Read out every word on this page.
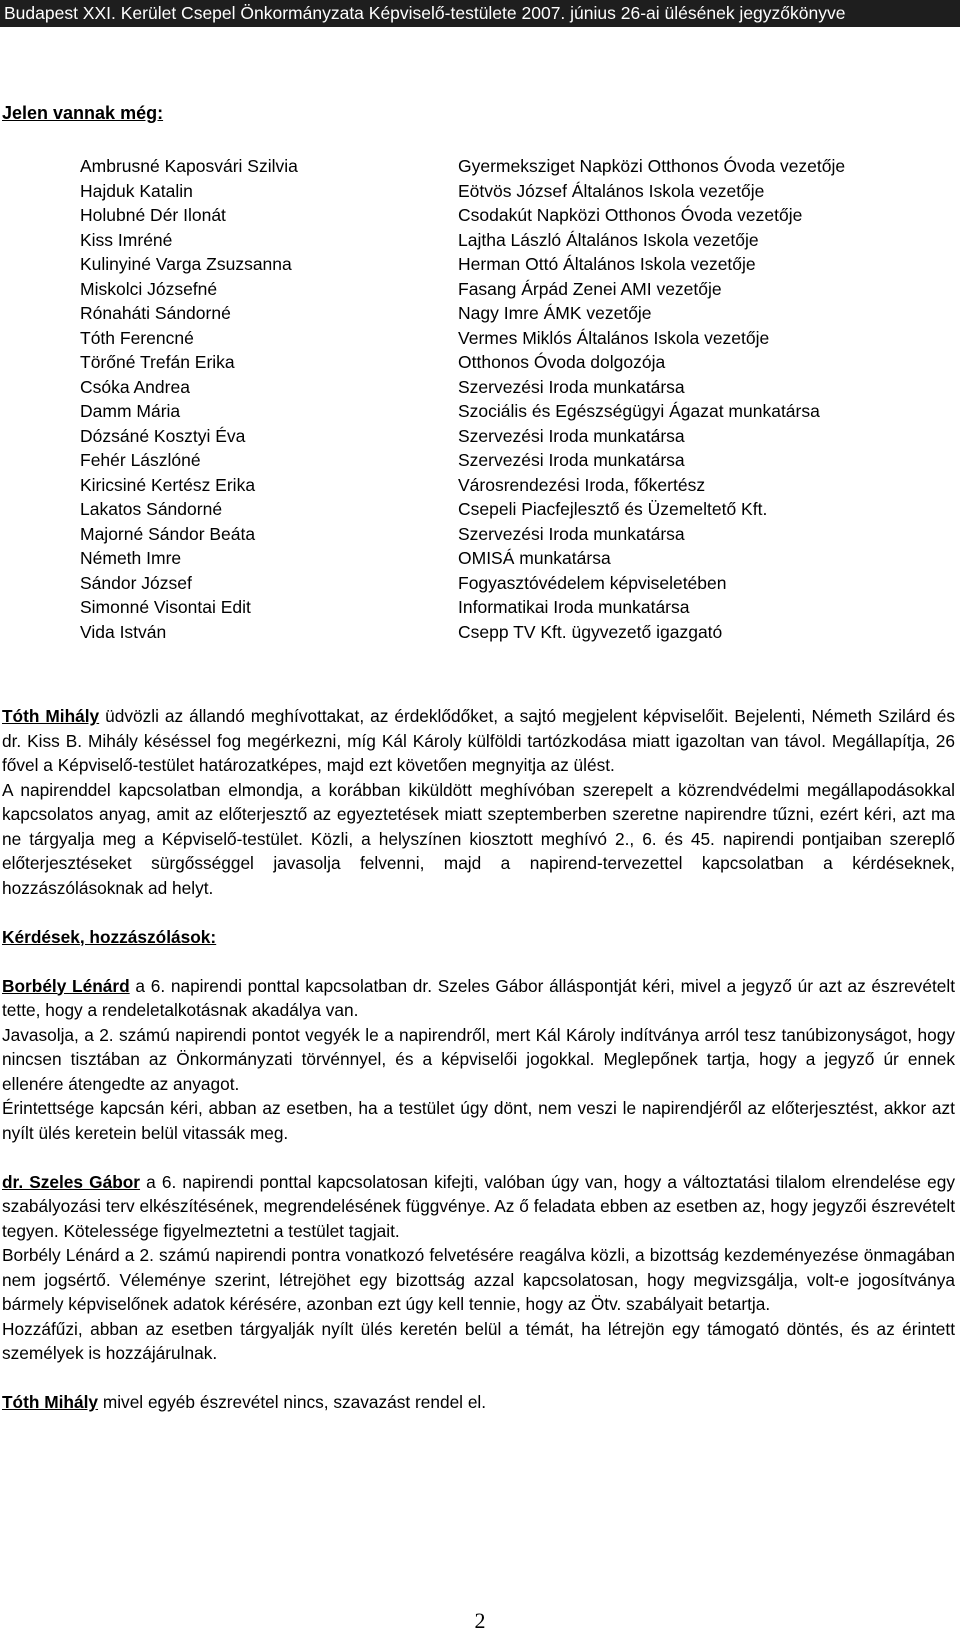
Budapest XXI. Kerület Csepel Önkormányzata Képviselő-testülete 2007. június 26-ai ülésének jegyzőkönyve
Jelen vannak még:
Ambrusné Kaposvári Szilvia	Gyermeksziget Napközi Otthonos Óvoda vezetője
Hajduk Katalin	Eötvös József Általános Iskola vezetője
Holubné Dér Ilonát	Csodakút Napközi Otthonos Óvoda vezetője
Kiss Imréné	Lajtha László Általános Iskola vezetője
Kulinyiné Varga Zsuzsanna	Herman Ottó Általános Iskola vezetője
Miskolci Józsefné	Fasang Árpád Zenei AMI vezetője
Rónaháti Sándorné	Nagy Imre ÁMK vezetője
Tóth Ferencné	Vermes Miklós Általános Iskola vezetője
Törőné Trefán Erika	Otthonos Óvoda dolgozója
Csóka Andrea	Szervezési Iroda munkatársa
Damm Mária	Szociális és Egészségügyi Ágazat munkatársa
Dózsáné Kosztyi Éva	Szervezési Iroda munkatársa
Fehér Lászlóné	Szervezési Iroda munkatársa
Kiricsiné Kertész Erika	Városrendezési Iroda, főkertész
Lakatos Sándorné	Csepeli Piacfejlesztő és Üzemeltető Kft.
Majorné Sándor Beáta	Szervezési Iroda munkatársa
Németh Imre	OMISÁ munkatársa
Sándor József	Fogyasztóvédelem képviseletében
Simonné Visontai Edit	Informatikai Iroda munkatársa
Vida István	Csepp TV Kft. ügyvezető igazgató

Tóth Mihály üdvözli az állandó meghívottakat, az érdeklődőket, a sajtó megjelent képviselőit. Bejelenti, Németh Szilárd és dr. Kiss B. Mihály késéssel fog megérkezni, míg Kál Károly külföldi tartózkodása miatt igazoltan van távol. Megállapítja, 26 fővel a Képviselő-testület határozatképes, majd ezt követően megnyitja az ülést.

A napirenddel kapcsolatban elmondja, a korábban kiküldött meghívóban szerepelt a közrendvédelmi megállapodásokkal kapcsolatos anyag, amit az előterjesztő az egyeztetések miatt szeptemberben szeretne napirendre tűzni, ezért kéri, azt ma ne tárgyalja meg a Képviselő-testület. Közli, a helyszínen kiosztott meghívó 2., 6. és 45. napirendi pontjaiban szereplő előterjesztéseket sürgősséggel javasolja felvenni, majd a napirend-tervezettel kapcsolatban a kérdéseknek, hozzászólásoknak ad helyt.

Kérdések, hozzászólások:

Borbély Lénárd a 6. napirendi ponttal kapcsolatban dr. Szeles Gábor álláspontját kéri, mivel a jegyző úr azt az észrevételt tette, hogy a rendeletalkotásnak akadálya van.

Javasolja, a 2. számú napirendi pontot vegyék le a napirendről, mert Kál Károly indítványa arról tesz tanúbizonyságot, hogy nincsen tisztában az Önkormányzati törvénnyel, és a képviselői jogokkal. Meglepőnek tartja, hogy a jegyző úr ennek ellenére átengedte az anyagot.

Érintettsége kapcsán kéri, abban az esetben, ha a testület úgy dönt, nem veszi le napirendjéről az előterjesztést, akkor azt nyílt ülés keretein belül vitassák meg.

dr. Szeles Gábor a 6. napirendi ponttal kapcsolatosan kifejti, valóban úgy van, hogy a változtatási tilalom elrendelése egy szabályozási terv elkészítésének, megrendelésének függvénye. Az ő feladata ebben az esetben az, hogy jegyzői észrevételt tegyen. Kötelessége figyelmeztetni a testület tagjait.

Borbély Lénárd a 2. számú napirendi pontra vonatkozó felvetésére reagálva közli, a bizottság kezdeményezése önmagában nem jogsértő. Véleménye szerint, létrejöhet egy bizottság azzal kapcsolatosan, hogy megvizsgálja, volt-e jogosítványa bármely képviselőnek adatok kérésére, azonban ezt úgy kell tennie, hogy az Ötv. szabályait betartja.

Hozzáfűzi, abban az esetben tárgyalják nyílt ülés keretén belül a témát, ha létrejön egy támogató döntés, és az érintett személyek is hozzájárulnak.

Tóth Mihály mivel egyéb észrevétel nincs, szavazást rendel el.

2
